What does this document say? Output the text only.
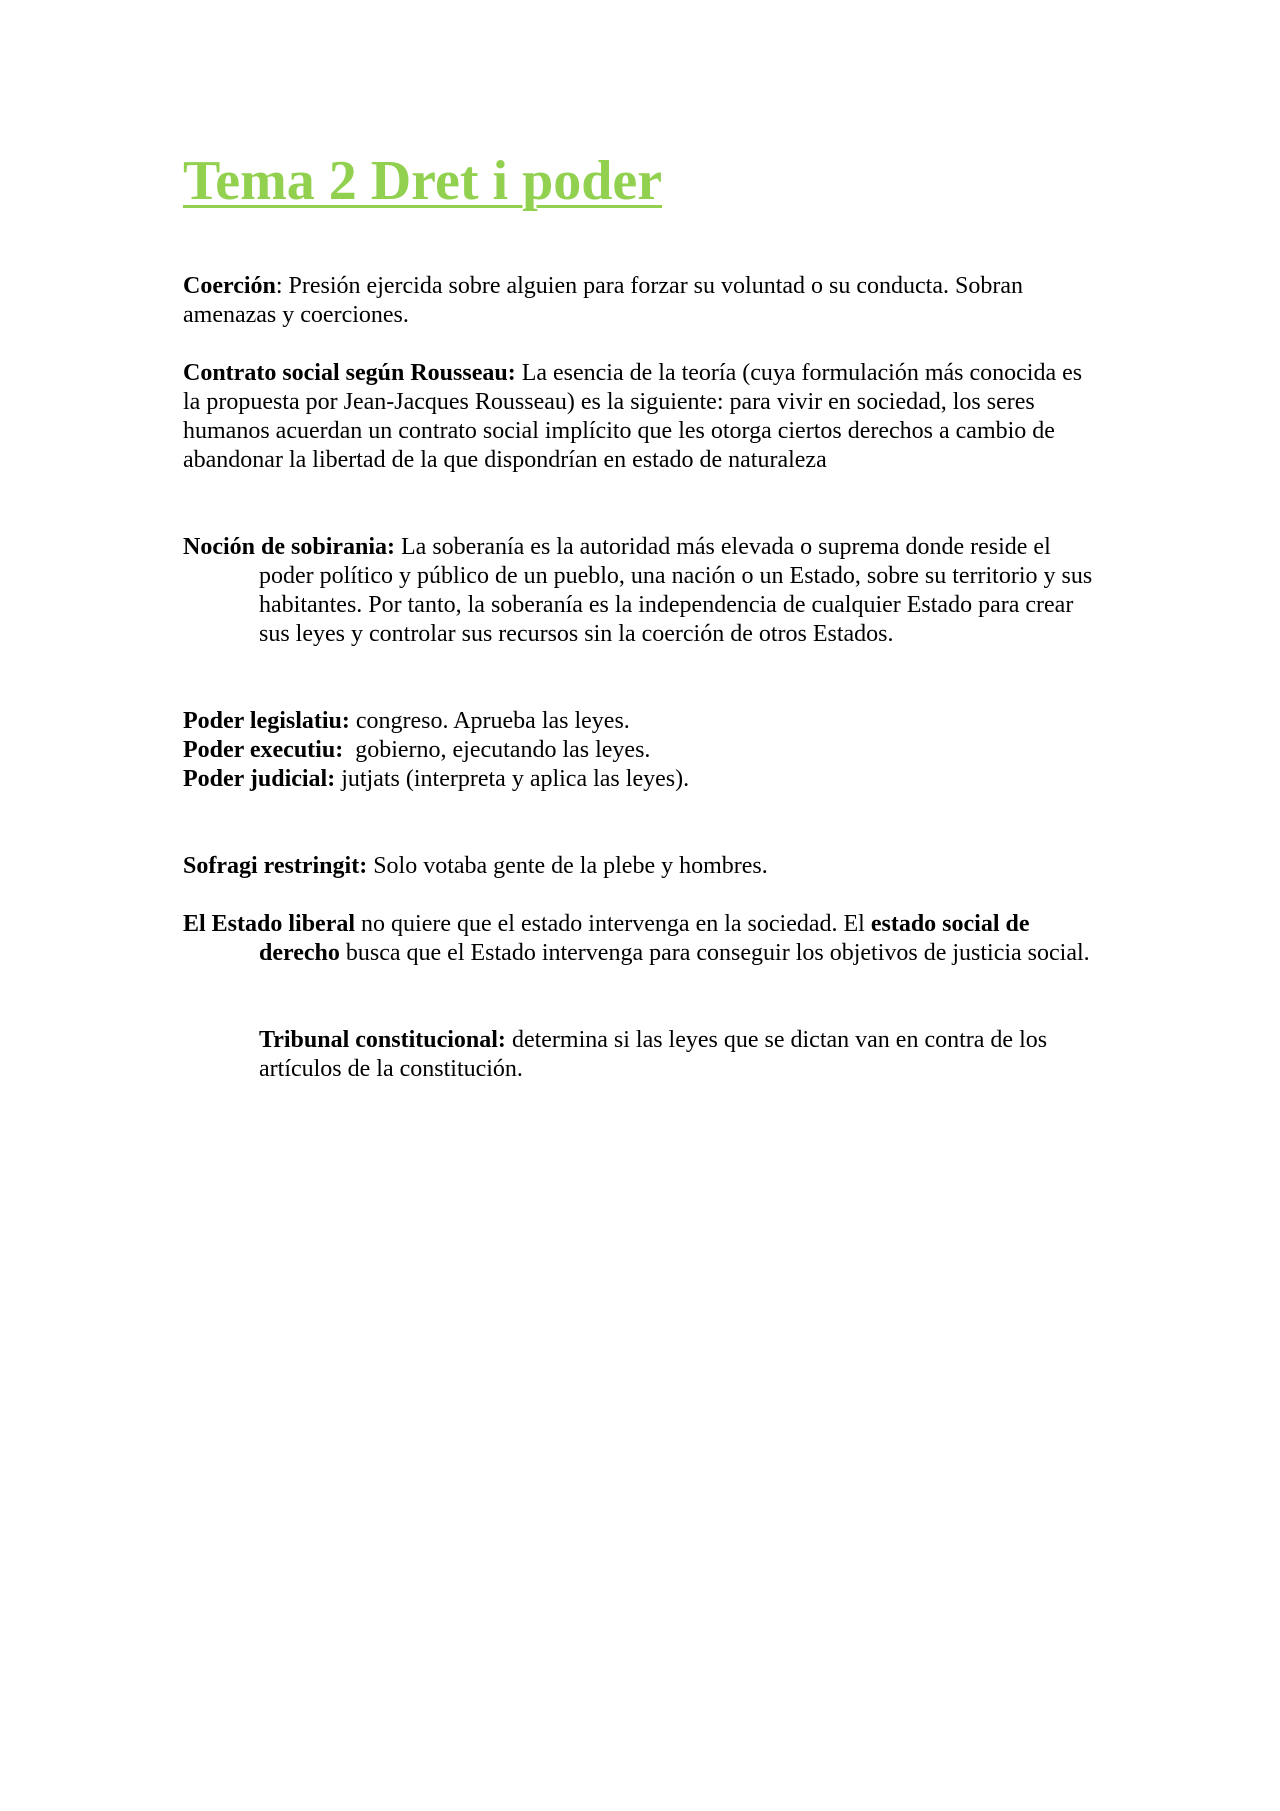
Tema 2 Dret i poder

Coerción: Presión ejercida sobre alguien para forzar su voluntad o su conducta. Sobran amenazas y coerciones.

Contrato social según Rousseau: La esencia de la teoría (cuya formulación más conocida es la propuesta por Jean-Jacques Rousseau) es la siguiente: para vivir en sociedad, los seres humanos acuerdan un contrato social implícito que les otorga ciertos derechos a cambio de abandonar la libertad de la que dispondrían en estado de naturaleza

Noción de sobirania: La soberanía es la autoridad más elevada o suprema donde reside el poder político y público de un pueblo, una nación o un Estado, sobre su territorio y sus habitantes. Por tanto, la soberanía es la independencia de cualquier Estado para crear sus leyes y controlar sus recursos sin la coerción de otros Estados.

Poder legislatiu: congreso. Aprueba las leyes.
Poder executiu:  gobierno, ejecutando las leyes.
Poder judicial: jutjats (interpreta y aplica las leyes).

Sofragi restringit: Solo votaba gente de la plebe y hombres.

El Estado liberal no quiere que el estado intervenga en la sociedad. El estado social de derecho busca que el Estado intervenga para conseguir los objetivos de justicia social.

Tribunal constitucional: determina si las leyes que se dictan van en contra de los artículos de la constitución.
